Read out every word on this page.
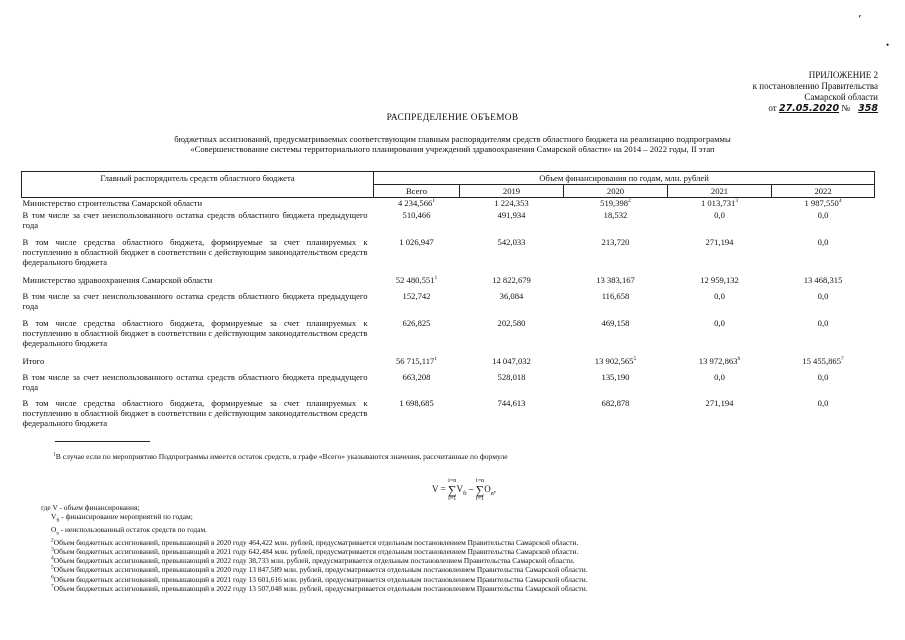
٬
•
ПРИЛОЖЕНИЕ 2
к постановлению Правительства
Самарской области
от 27.05.2020 № 358
РАСПРЕДЕЛЕНИЕ ОБЪЕМОВ
бюджетных ассигнований, предусматриваемых соответствующим главным распорядителям средств областного бюджета на реализацию подпрограммы
«Совершенствование системы территориального планирования учреждений здравоохранения Самарской области» на 2014 – 2022 годы, II этап
Главный распорядитель средств областного бюджета	Объем финансирования по годам, млн. рублей				
	Всего	2019	2020	2021	2022
Министерство строительства Самарской области	4 234,566$^1$	1 224,353	519,398$^2$	1 013,731$^3$	1 987,550$^4$
В том числе за счет неиспользованного остатка средств областного бюджета предыдущего года	510,466	491,934	18,532	0,0	0,0
В том числе средства областного бюджета, формируемые за счет планируемых к поступлению в областной бюджет в соответствии с действующим законодательством средств федерального бюджета	1 026,947	542,033	213,720	271,194	0,0
Министерство здравоохранения Самарской области	52 480,551$^1$	12 822,679	13 383,167	12 959,132	13 468,315
В том числе за счет неиспользованного остатка средств областного бюджета предыдущего года	152,742	36,084	116,658	0,0	0,0
В том числе средства областного бюджета, формируемые за счет планируемых к поступлению в областной бюджет в соответствии с действующим законодательством средств федерального бюджета	626,825	202,580	469,158	0,0	0,0
Итого	56 715,117$^1$	14 047,032	13 902,565$^5$	13 972,863$^6$	15 455,865$^7$
В том числе за счет неиспользованного остатка средств областного бюджета предыдущего года	663,208	528,018	135,190	0,0	0,0
В том числе средства областного бюджета, формируемые за счет планируемых к поступлению в областной бюджет в соответствии с действующим законодательством средств федерального бюджета	1 698,685	744,613	682,878	271,194	0,0
$^1$В случае если по мероприятию Подпрограммы имеется остаток средств, в графе «Всего» указываются значения, рассчитанные по формуле
V = i=n
∑
$i=1V_{fi} - i=n$
∑
$i=1O_n$,
где V - объем финансирования;
$V_{fi}$ - финансирование мероприятий по годам;
$O_n$ - неиспользованный остаток средств по годам.
$^2$Объем бюджетных ассигнований, превышающий в 2020 году 464,422 млн. рублей, предусматривается отдельным постановлением Правительства Самарской области.
$^3$Объем бюджетных ассигнований, превышающий в 2021 году 642,484 млн. рублей, предусматривается отдельным постановлением Правительства Самарской области.
$^4$Объем бюджетных ассигнований, превышающий в 2022 году 38,733 млн. рублей, предусматривается отдельным постановлением Правительства Самарской области.
$^5$Объем бюджетных ассигнований, превышающий в 2020 году 13 847,589 млн. рублей, предусматривается отдельным постановлением Правительства Самарской области.
$^6$Объем бюджетных ассигнований, превышающий в 2021 году 13 601,616 млн. рублей, предусматривается отдельным постановлением Правительства Самарской области.
$^7$Объем бюджетных ассигнований, превышающий в 2022 году 13 507,048 млн. рублей, предусматривается отдельным постановлением Правительства Самарской области.
